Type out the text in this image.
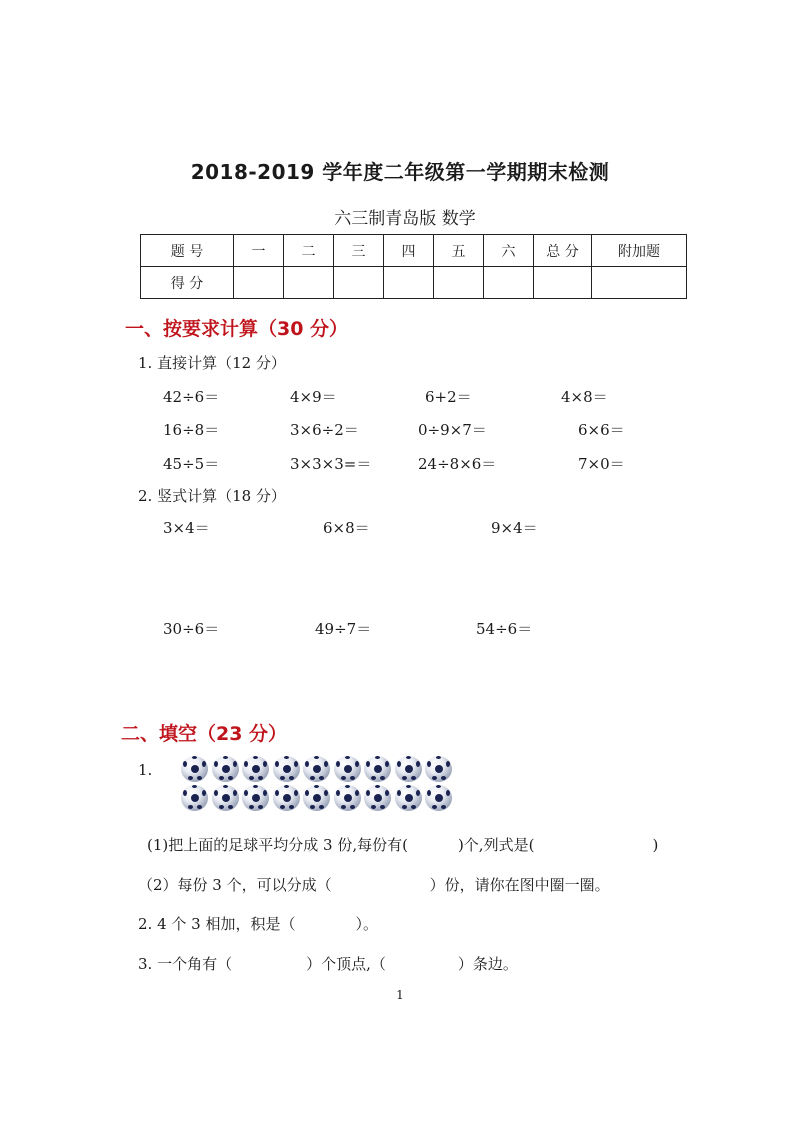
2018-2019 学年度二年级第一学期期末检测
六三制青岛版 数学
题 号	一	二	三	四	五	六	总 分	附加题
得 分								
一、按要求计算（30 分）
1. 直接计算（12 分）
42÷6＝	4×9＝	6+2＝	4×8＝
16÷8＝	3×6÷2＝	0÷9×7＝	6×6＝
45÷5＝	3×3×3=＝	24÷8×6＝	7×0＝
2. 竖式计算（18 分）
3×4＝	6×8＝	9×4＝
30÷6＝	49÷7＝	54÷6＝
二、填空（23 分）
1.
(1)把上面的足球平均分成 3 份,每份有(	)个,列式是(	)
（2）每份 3 个，可以分成（	）份，请你在图中圈一圈。
2. 4 个 3 相加，积是（	）。
3. 一个角有（	）个顶点,（	）条边。
1
